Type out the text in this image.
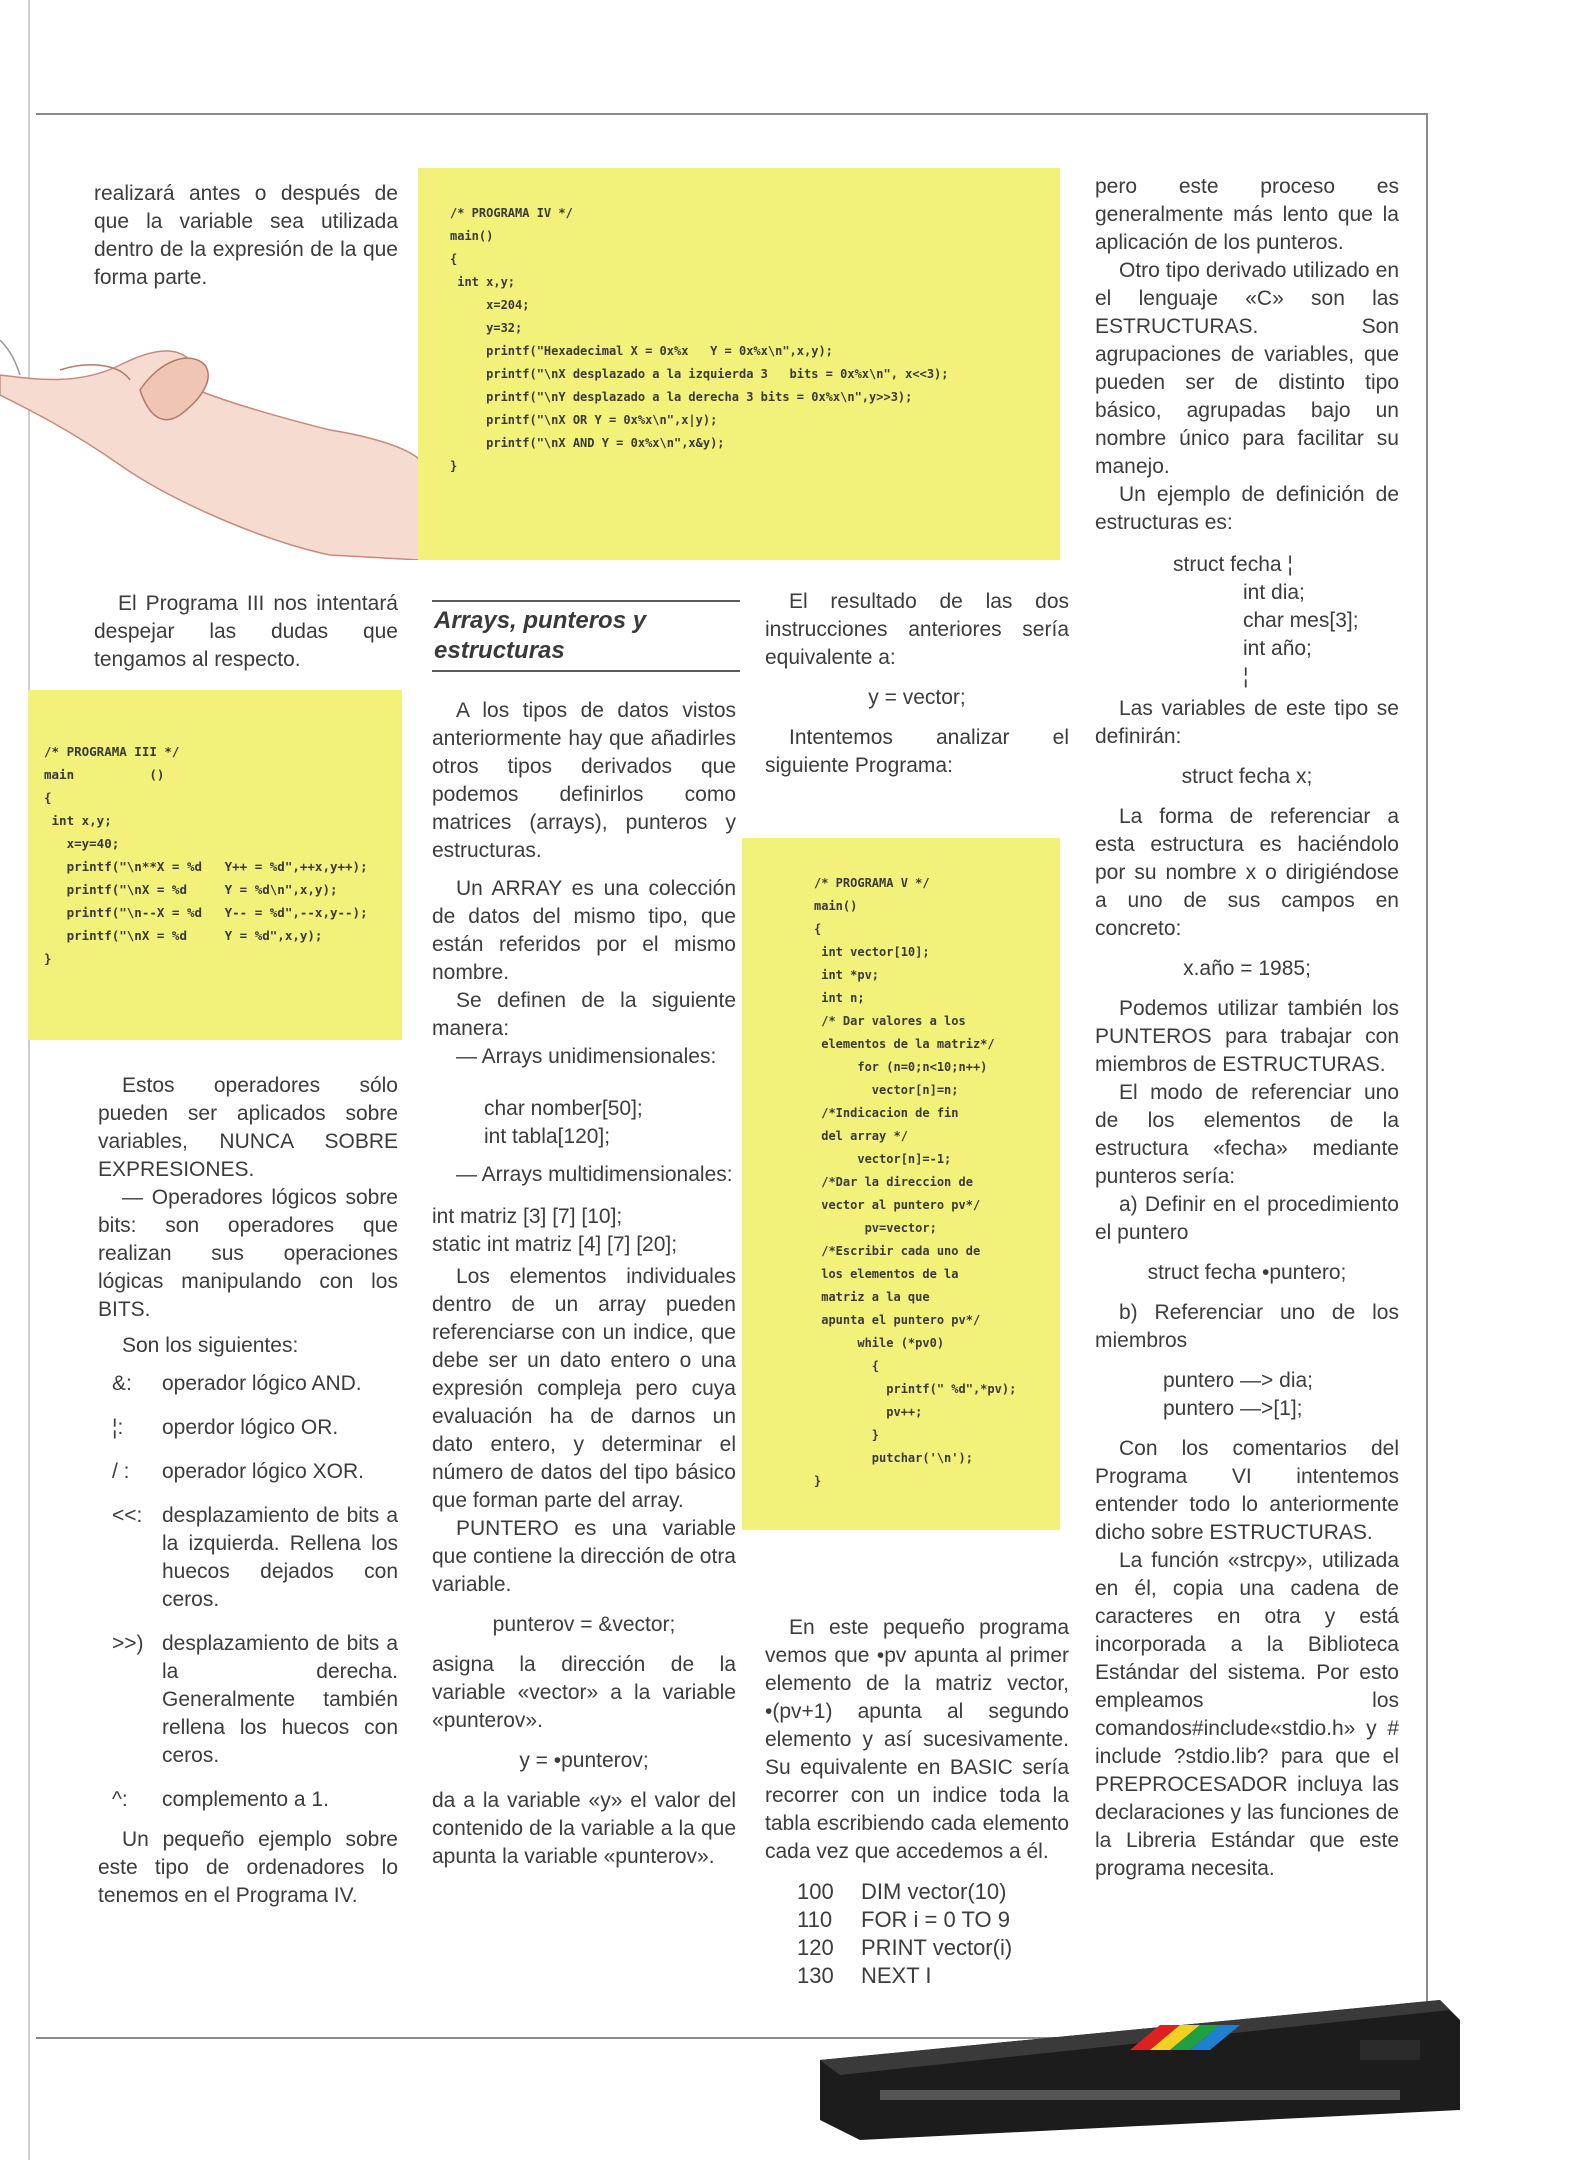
realizará antes o después de que la variable sea utilizada dentro de la expresión de la que forma parte.

El Programa III nos intentará despejar las dudas que tengamos al respecto.

/* PROGRAMA III */
main          ()
{
int x,y;
x=y=40;
printf("\n**X = %d   Y++ = %d",++x,y++);
printf("\nX = %d     Y = %d\n",x,y);
printf("\n--X = %d   Y-- = %d",--x,y--);
printf("\nX = %d     Y = %d",x,y);
}

Estos operadores sólo pueden ser aplicados sobre variables, NUNCA SOBRE EXPRESIONES.

— Operadores lógicos sobre bits: son operadores que realizan sus operaciones lógicas manipulando con los BITS.

Son los siguientes:

&:	operador lógico AND.
¦:	operdor lógico OR.
/ :	operador lógico XOR.
<<: desplazamiento de bits a la izquierda. Rellena los huecos dejados con ceros.
>>) desplazamiento de bits a la derecha. Generalmente también rellena los huecos con ceros.
^:	complemento a 1.

Un pequeño ejemplo sobre este tipo de ordenadores lo tenemos en el Programa IV.

/* PROGRAMA IV */
main()
{
int x,y;
x=204;
y=32;
printf("Hexadecimal X = 0x%x   Y = 0x%x\n",x,y);
printf("\nX desplazado a la izquierda 3   bits = 0x%x\n", x<<3);
printf("\nY desplazado a la derecha 3 bits = 0x%x\n",y>>3);
printf("\nX OR Y = 0x%x\n",x|y);
printf("\nX AND Y = 0x%x\n",x&y);
}
Arrays, punteros y estructuras

A los tipos de datos vistos anteriormente hay que añadirles otros tipos derivados que podemos definirlos como matrices (arrays), punteros y estructuras.

Un ARRAY es una colección de datos del mismo tipo, que están referidos por el mismo nombre.

Se definen de la siguiente manera:

— Arrays unidimensionales:

char nomber[50];

int tabla[120];

— Arrays multidimensionales:

int matriz [3] [7] [10];

static int matriz [4] [7] [20];

Los elementos individuales dentro de un array pueden referenciarse con un indice, que debe ser un dato entero o una expresión compleja pero cuya evaluación ha de darnos un dato entero, y determinar el número de datos del tipo básico que forman parte del array.

PUNTERO es una variable que contiene la dirección de otra variable.

punterov = &vector;

asigna la dirección de la variable «vector» a la variable «punterov».

y = •punterov;

da a la variable «y» el valor del contenido de la variable a la que apunta la variable «punterov».

El resultado de las dos instrucciones anteriores sería equivalente a:

y = vector;

Intentemos analizar el siguiente Programa:

/* PROGRAMA V */
main()
{
int vector[10];
int *pv;
int n;
/* Dar valores a los
elementos de la matriz*/
for (n=0;n<10;n++)
vector[n]=n;
/*Indicacion de fin
del array */
vector[n]=-1;
/*Dar la direccion de
vector al puntero pv*/
pv=vector;
/*Escribir cada uno de
los elementos de la
matriz a la que
apunta el puntero pv*/
while (*pv0)
{
printf(" %d",*pv);
pv++;
}
putchar('\n');
}

En este pequeño programa vemos que •pv apunta al primer elemento de la matriz vector, •(pv+1) apunta al segundo elemento y así sucesivamente. Su equivalente en BASIC sería recorrer con un indice toda la tabla escribiendo cada elemento cada vez que accedemos a él.

100	DIM vector(10)
110	FOR i = 0 TO 9
120	PRINT vector(i)
130	NEXT I

pero este proceso es generalmente más lento que la aplicación de los punteros.

Otro tipo derivado utilizado en el lenguaje «C» son las ESTRUCTURAS. Son agrupaciones de variables, que pueden ser de distinto tipo básico, agrupadas bajo un nombre único para facilitar su manejo.

Un ejemplo de definición de estructuras es:

struct fecha ¦

int dia;

char mes[3];

int año;

¦

Las variables de este tipo se definirán:

struct fecha x;

La forma de referenciar a esta estructura es haciéndolo por su nombre x o dirigiéndose a uno de sus campos en concreto:

x.año = 1985;

Podemos utilizar también los PUNTEROS para trabajar con miembros de ESTRUCTURAS.

El modo de referenciar uno de los elementos de la estructura «fecha» mediante punteros sería:

a) Definir en el procedimiento el puntero

struct fecha •puntero;

b) Referenciar uno de los miembros

puntero —> dia;

puntero —>[1];

Con los comentarios del Programa VI intentemos entender todo lo anteriormente dicho sobre ESTRUCTURAS.

La función «strcpy», utilizada en él, copia una cadena de caracteres en otra y está incorporada a la Biblioteca Estándar del sistema. Por esto empleamos los comandos#include«stdio.h» y # include ?stdio.lib? para que el PREPROCESADOR incluya las declaraciones y las funciones de la Libreria Estándar que este programa necesita.
